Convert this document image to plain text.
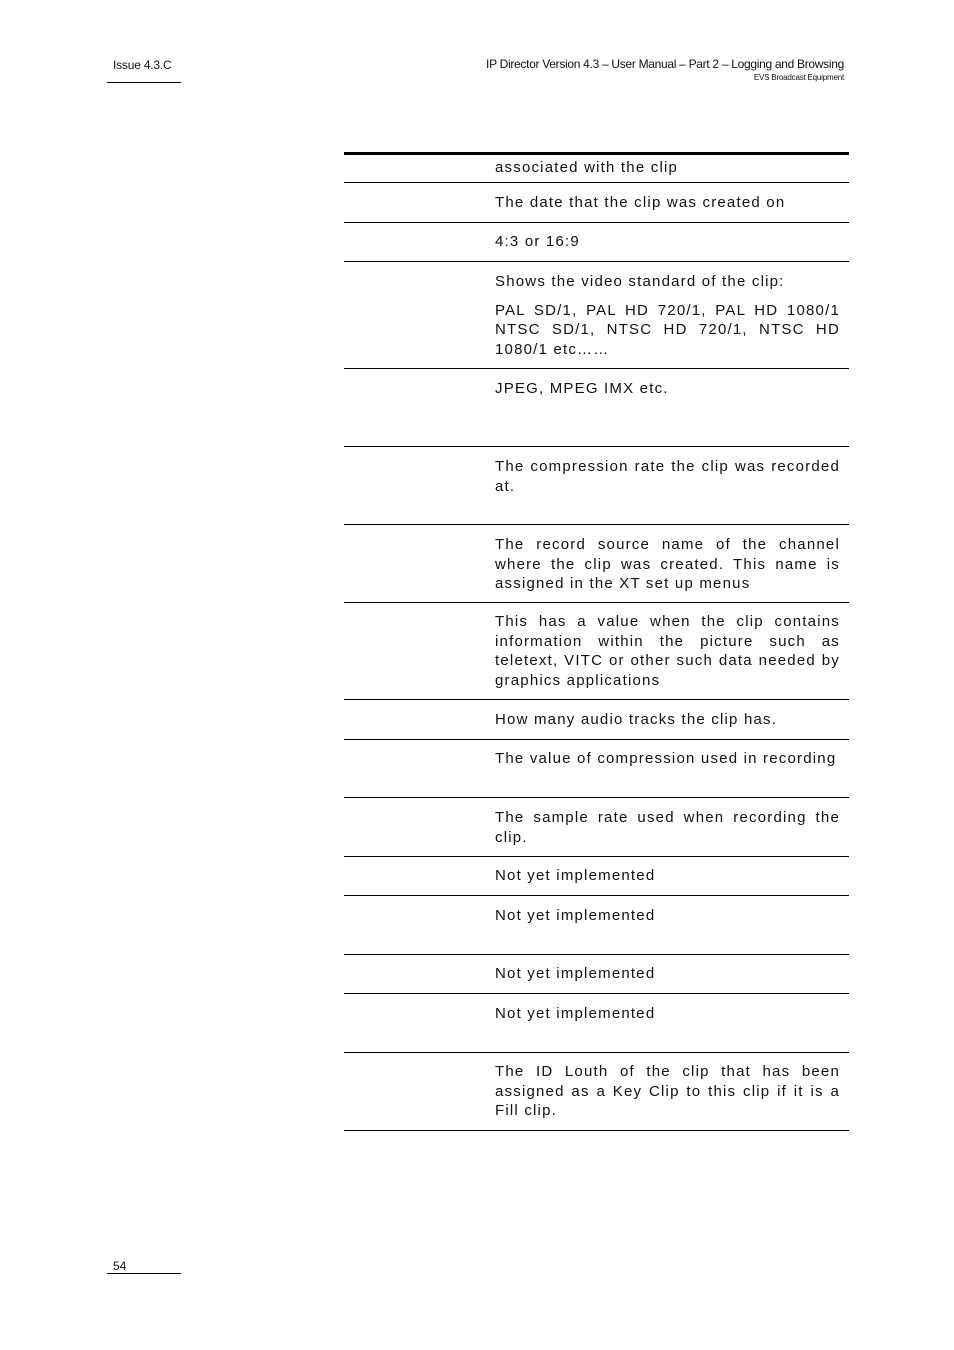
Issue 4.3.C	IP Director Version 4.3 – User Manual – Part 2 – Logging and Browsing
EVS Broadcast Equipment

associated with the clip

The date that the clip was created on

4:3 or 16:9

Shows the video standard of the clip:

PAL SD/1, PAL HD 720/1, PAL HD 1080/1 NTSC SD/1, NTSC HD 720/1, NTSC HD 1080/1 etc……

JPEG, MPEG IMX etc.

The compression rate the clip was recorded at.

The record source name of the channel where the clip was created. This name is assigned in the XT set up menus

This has a value when the clip contains information within the picture such as teletext, VITC or other such data needed by graphics applications

How many audio tracks the clip has.

The value of compression used in recording

The sample rate used when recording the clip.

Not yet implemented

Not yet implemented

Not yet implemented

Not yet implemented

The ID Louth of the clip that has been assigned as a Key Clip to this clip if it is a Fill clip.

54
